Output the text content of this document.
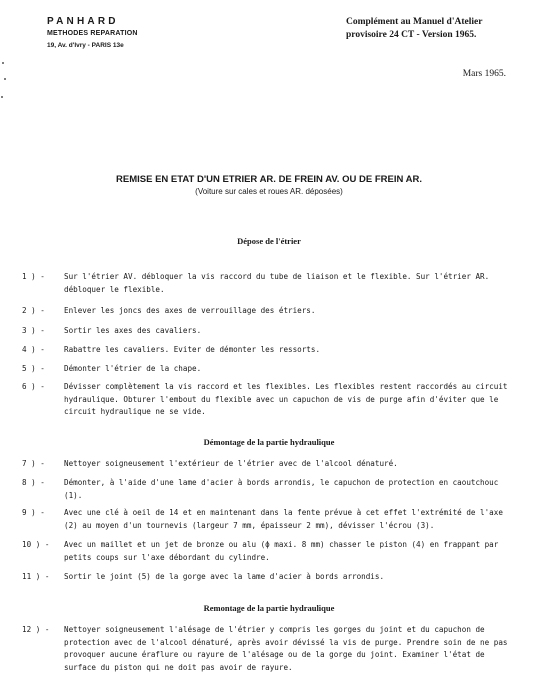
PANHARD
METHODES REPARATION
19, Av. d'Ivry - PARIS 13e
Complément au Manuel d'Atelier
provisoire 24 CT - Version 1965.
Mars 1965.
REMISE EN ETAT D'UN ETRIER AR. DE FREIN AV. OU DE FREIN AR.
(Voiture sur cales et roues AR. déposées)
Dépose de l'étrier
1 ) -	Sur l'étrier AV. débloquer la vis raccord du tube de liaison et le flexible. Sur l'étrier AR. débloquer le flexible.
2 ) -	Enlever les joncs des axes de verrouillage des étriers.
3 ) -	Sortir les axes des cavaliers.
4 ) -	Rabattre les cavaliers. Eviter de démonter les ressorts.
5 ) -	Démonter l'étrier de la chape.
6 ) -	Dévisser complètement la vis raccord et les flexibles. Les flexibles restent raccordés au circuit hydraulique. Obturer l'embout du flexible avec un capuchon de vis de purge afin d'éviter que le circuit hydraulique ne se vide.
Démontage de la partie hydraulique
7 ) -	Nettoyer soigneusement l'extérieur de l'étrier avec de l'alcool dénaturé.
8 ) -	Démonter, à l'aide d'une lame d'acier à bords arrondis, le capuchon de protection en caoutchouc (1).
9 ) -	Avec une clé à oeil de 14 et en maintenant dans la fente prévue à cet effet l'extrémité de l'axe (2) au moyen d'un tournevis (largeur 7 mm, épaisseur 2 mm), dévisser l'écrou (3).
10 ) -	Avec un maillet et un jet de bronze ou alu (ϕ maxi. 8 mm) chasser le piston (4) en frappant par petits coups sur l'axe débordant du cylindre.
11 ) -	Sortir le joint (5) de la gorge avec la lame d'acier à bords arrondis.
Remontage de la partie hydraulique
12 ) -	Nettoyer soigneusement l'alésage de l'étrier y compris les gorges du joint et du capuchon de protection avec de l'alcool dénaturé, après avoir dévissé la vis de purge. Prendre soin de ne pas provoquer aucune éraflure ou rayure de l'alésage ou de la gorge du joint. Examiner l'état de surface du piston qui ne doit pas avoir de rayure.
